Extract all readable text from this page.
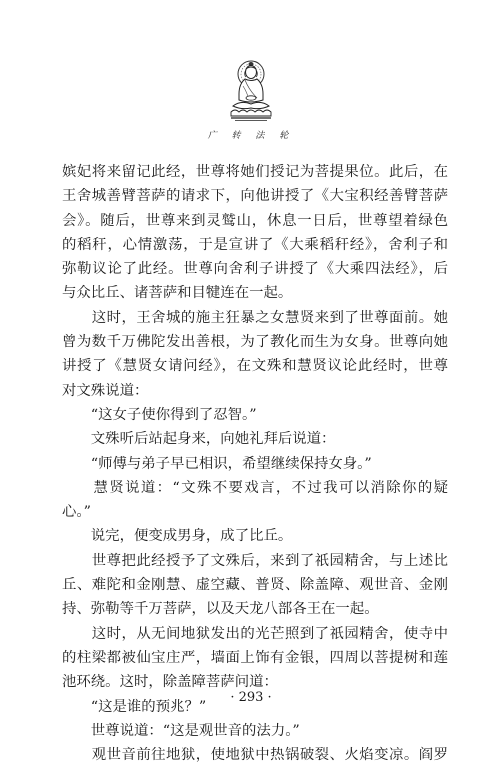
广 转 法 轮
嫔妃将来留记此经，世尊将她们授记为菩提果位。此后，在
王舍城善臂菩萨的请求下，向他讲授了《大宝积经善臂菩萨
会》。随后，世尊来到灵鹫山，休息一日后，世尊望着绿色
的稻秆，心情激荡，于是宣讲了《大乘稻秆经》，舍利子和
弥勒议论了此经。世尊向舍利子讲授了《大乘四法经》，后
与众比丘、诸菩萨和目犍连在一起。
　　这时，王舍城的施主狂暴之女慧贤来到了世尊面前。她
曾为数千万佛陀发出善根，为了教化而生为女身。世尊向她
讲授了《慧贤女请问经》，在文殊和慧贤议论此经时，世尊
对文殊说道：
　　“这女子使你得到了忍智。”
　　文殊听后站起身来，向她礼拜后说道：
　　“师傅与弟子早已相识，希望继续保持女身。”
　　慧贤说道：“文殊不要戏言，不过我可以消除你的疑
心。”
　　说完，便变成男身，成了比丘。
　　世尊把此经授予了文殊后，来到了祇园精舍，与上述比
丘、难陀和金刚慧、虚空藏、普贤、除盖障、观世音、金刚
持、弥勒等千万菩萨，以及天龙八部各王在一起。
　　这时，从无间地狱发出的光芒照到了祇园精舍，使寺中
的柱梁都被仙宝庄严，墙面上饰有金银，四周以菩提树和莲
池环绕。这时，除盖障菩萨问道：
　　“这是谁的预兆？”
　　世尊说道：“这是观世音的法力。”
　　观世音前往地狱，使地狱中热锅破裂、火焰变凉。阎罗
· 293 ·
